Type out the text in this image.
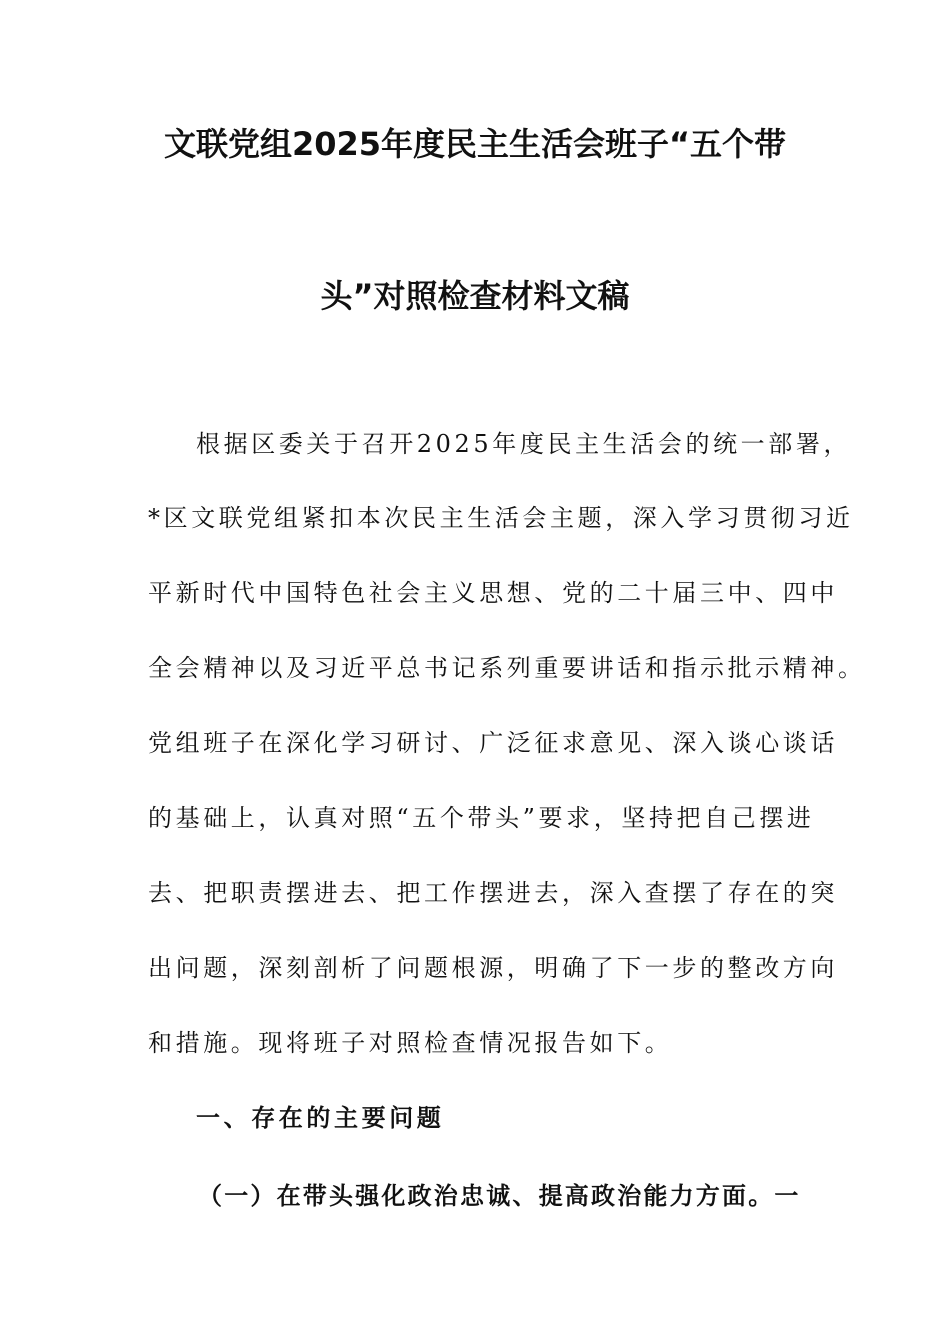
文联党组2025年度民主生活会班子“五个带
头”对照检查材料文稿
根据区委关于召开2025年度民主生活会的统一部署，
*区文联党组紧扣本次民主生活会主题，深入学习贯彻习近
平新时代中国特色社会主义思想、党的二十届三中、四中
全会精神以及习近平总书记系列重要讲话和指示批示精神。
党组班子在深化学习研讨、广泛征求意见、深入谈心谈话
的基础上，认真对照“五个带头”要求，坚持把自己摆进
去、把职责摆进去、把工作摆进去，深入查摆了存在的突
出问题，深刻剖析了问题根源，明确了下一步的整改方向
和措施。现将班子对照检查情况报告如下。
一、存在的主要问题
（一）在带头强化政治忠诚、提高政治能力方面。一
